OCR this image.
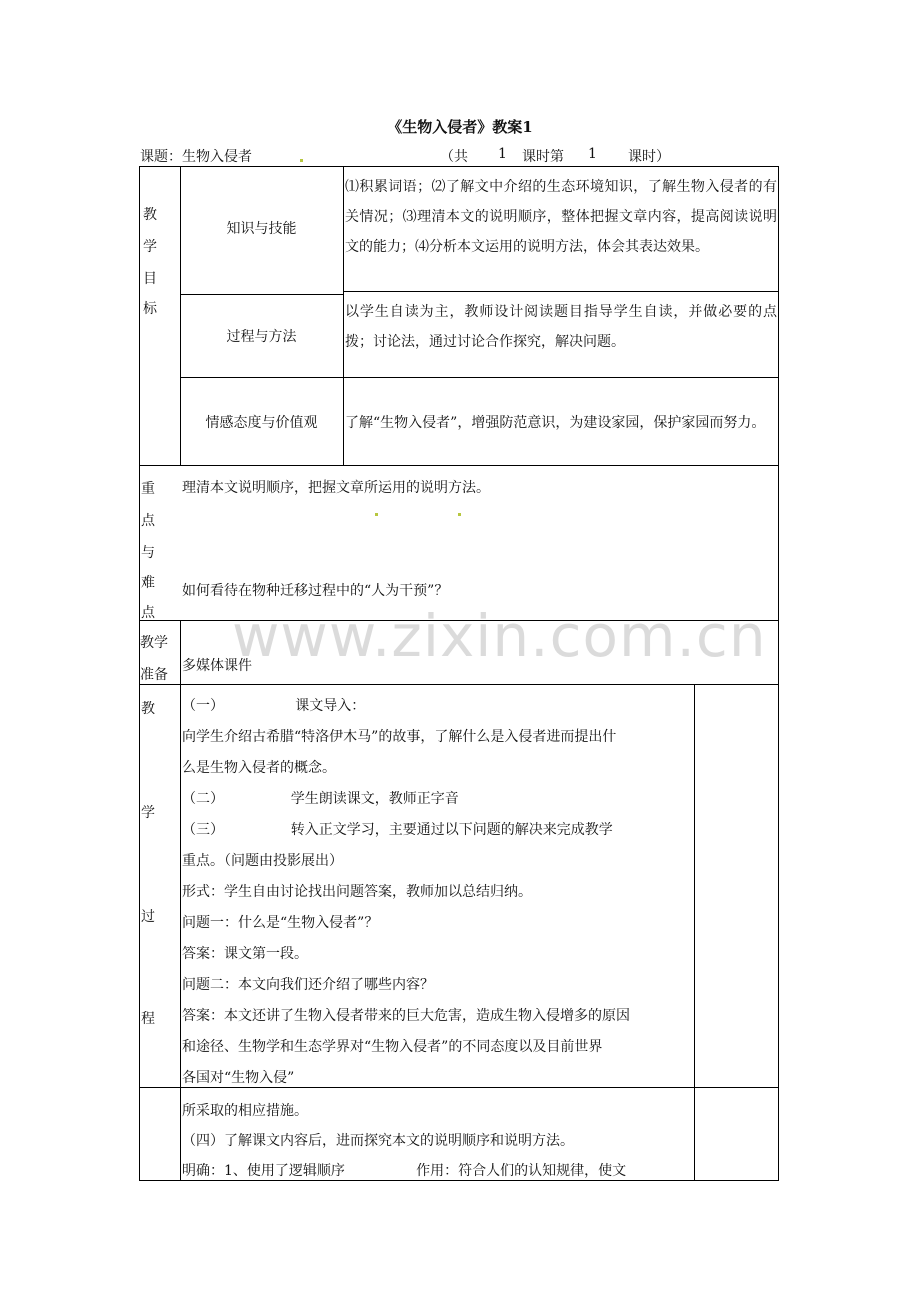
《生物入侵者》教案1
课题：生物入侵者	（共 1 课时第 1 课时）
教
学
目
标
知识与技能
⑴积累词语；⑵了解文中介绍的生态环境知识，了解生物入侵者的有关情况；⑶理清本文的说明顺序，整体把握文章内容，提高阅读说明文的能力；⑷分析本文运用的说明方法，体会其表达效果。
过程与方法
以学生自读为主，教师设计阅读题目指导学生自读，并做必要的点拨；讨论法，通过讨论合作探究，解决问题。
情感态度与价值观	了解“生物入侵者”，增强防范意识，为建设家园，保护家园而努力。
重
点
与
难
点
理清本文说明顺序，把握文章所运用的说明方法。
如何看待在物种迁移过程中的“人为干预”？
教学
准备
多媒体课件
教
学
过
程
（一）                课文导入：
向学生介绍古希腊“特洛伊木马”的故事，了解什么是入侵者进而提出什
么是生物入侵者的概念。
（二）               学生朗读课文，教师正字音
（三）               转入正文学习，主要通过以下问题的解决来完成教学
重点。（问题由投影展出）
形式：学生自由讨论找出问题答案，教师加以总结归纳。
问题一：什么是“生物入侵者”？
答案：课文第一段。
问题二：本文向我们还介绍了哪些内容？
答案：本文还讲了生物入侵者带来的巨大危害，造成生物入侵增多的原因
和途径、生物学和生态学界对“生物入侵者”的不同态度以及目前世界
各国对“生物入侵”
所采取的相应措施。
（四）了解课文内容后，进而探究本文的说明顺序和说明方法。
明确：1、使用了逻辑顺序                作用：符合人们的认知规律，使文
www.zixin.com.cn
